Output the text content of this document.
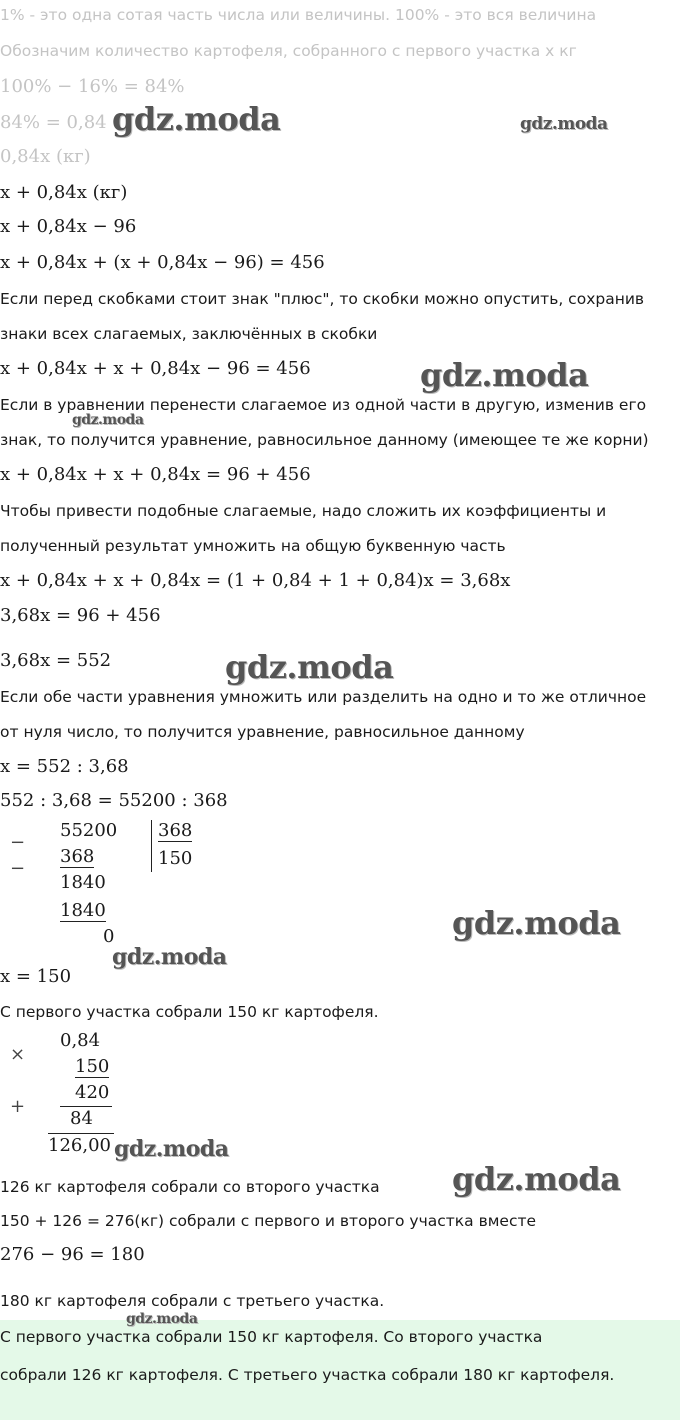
1% - это одна сотая часть числа или величины. 100% - это вся величина
Обозначим количество картофеля, собранного с первого участка x кг
100% − 16% = 84%
84% = 0,84
0,84x (кг)
x + 0,84x (кг)
x + 0,84x − 96
x + 0,84x + (x + 0,84x − 96) = 456
Если перед скобками стоит знак "плюс", то скобки можно опустить, сохранив
знаки всех слагаемых, заключённых в скобки
x + 0,84x + x + 0,84x − 96 = 456
Если в уравнении перенести слагаемое из одной части в другую, изменив его
знак, то получится уравнение, равносильное данному (имеющее те же корни)
x + 0,84x + x + 0,84x = 96 + 456
Чтобы привести подобные слагаемые, надо сложить их коэффициенты и
полученный результат умножить на общую буквенную часть
x + 0,84x + x + 0,84x = (1 + 0,84 + 1 + 0,84)x = 3,68x
3,68x = 96 + 456
3,68x = 552
Если обе части уравнения умножить или разделить на одно и то же отличное
от нуля число, то получится уравнение, равносильное данному
x = 552 : 3,68
552 : 3,68 = 55200 : 368
−
55200 368
150
368
−
1840
1840
0
x = 150
С первого участка собрали 150 кг картофеля.
×
0,84
150
420
+
84
126,00
126 кг картофеля собрали со второго участка
150 + 126 = 276(кг) собрали с первого и второго участка вместе
276 − 96 = 180
180 кг картофеля собрали с третьего участка.
С первого участка собрали 150 кг картофеля. Со второго участка
собрали 126 кг картофеля. С третьего участка собрали 180 кг картофеля.
gdz.moda	gdz.moda
gdz.moda
gdz.moda
gdz.moda
gdz.moda
gdz.moda
gdz.moda
gdz.moda
gdz.moda
